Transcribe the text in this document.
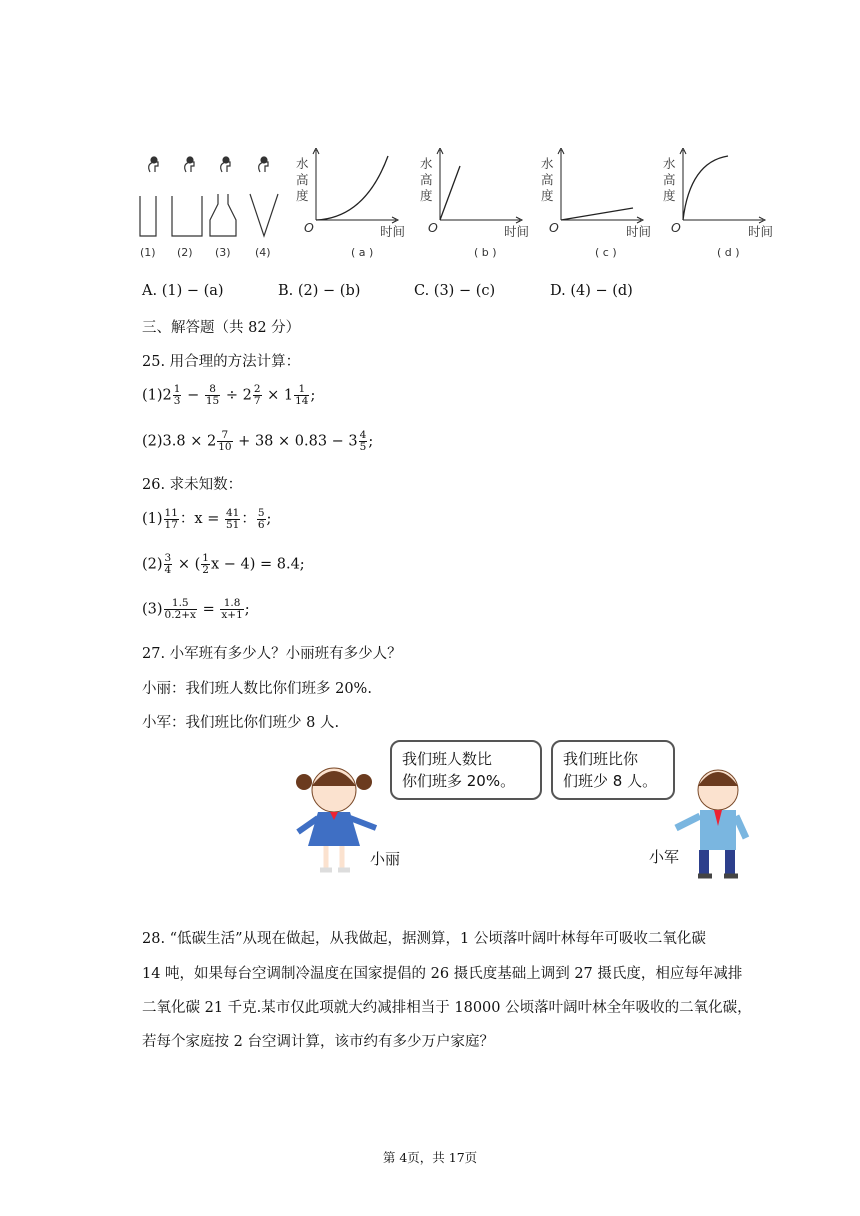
(1) (2) (3) (4)
水
高
度
水
高
度
水
高
度
水
高
度
O	O	O	O
时间	时间	时间	时间
( a )	( b )	( c )	( d )
A. (1) − (a)	B. (2) − (b)	C. (3) − (c)	D. (4) − (d)
三、解答题（共 82 分）
25. 用合理的方法计算：
$(1)2 \frac{1}{3} - \frac{8}{15} \div 2 \frac{2}{7} \times 1 \frac{1}{14}$ ;
$(2)3.8 \times 2 \frac{7}{10} + 38 \times 0.83 - 3 \frac{4}{5}$ ;
26. 求未知数：
$(1) \frac{11}{17}$ ：$x = \frac{41}{51}$ ： $\frac{5}{6}$ ;
$(2) \frac{3}{4}$ × ( $\frac{1}{2}$ x − 4) = 8.4;
$(3) \frac{1.5}{0.2+x} = \frac{1.8}{x+1}$ ;
27. 小军班有多少人？小丽班有多少人？
小丽：我们班人数比你们班多 20%.
小军：我们班比你们班少 8 人.
我们班人数比
你们班多 20%。
我们班比你
们班少 8 人。
小丽	小军
28. “低碳生活”从现在做起，从我做起，据测算，1 公顷落叶阔叶林每年可吸收二氧化碳
14 吨，如果每台空调制冷温度在国家提倡的 26 摄氏度基础上调到 27 摄氏度，相应每年减排
二氧化碳 21 千克.某市仅此项就大约减排相当于 18000 公顷落叶阔叶林全年吸收的二氧化碳，
若每个家庭按 2 台空调计算，该市约有多少万户家庭？
第 4页，共 17页
